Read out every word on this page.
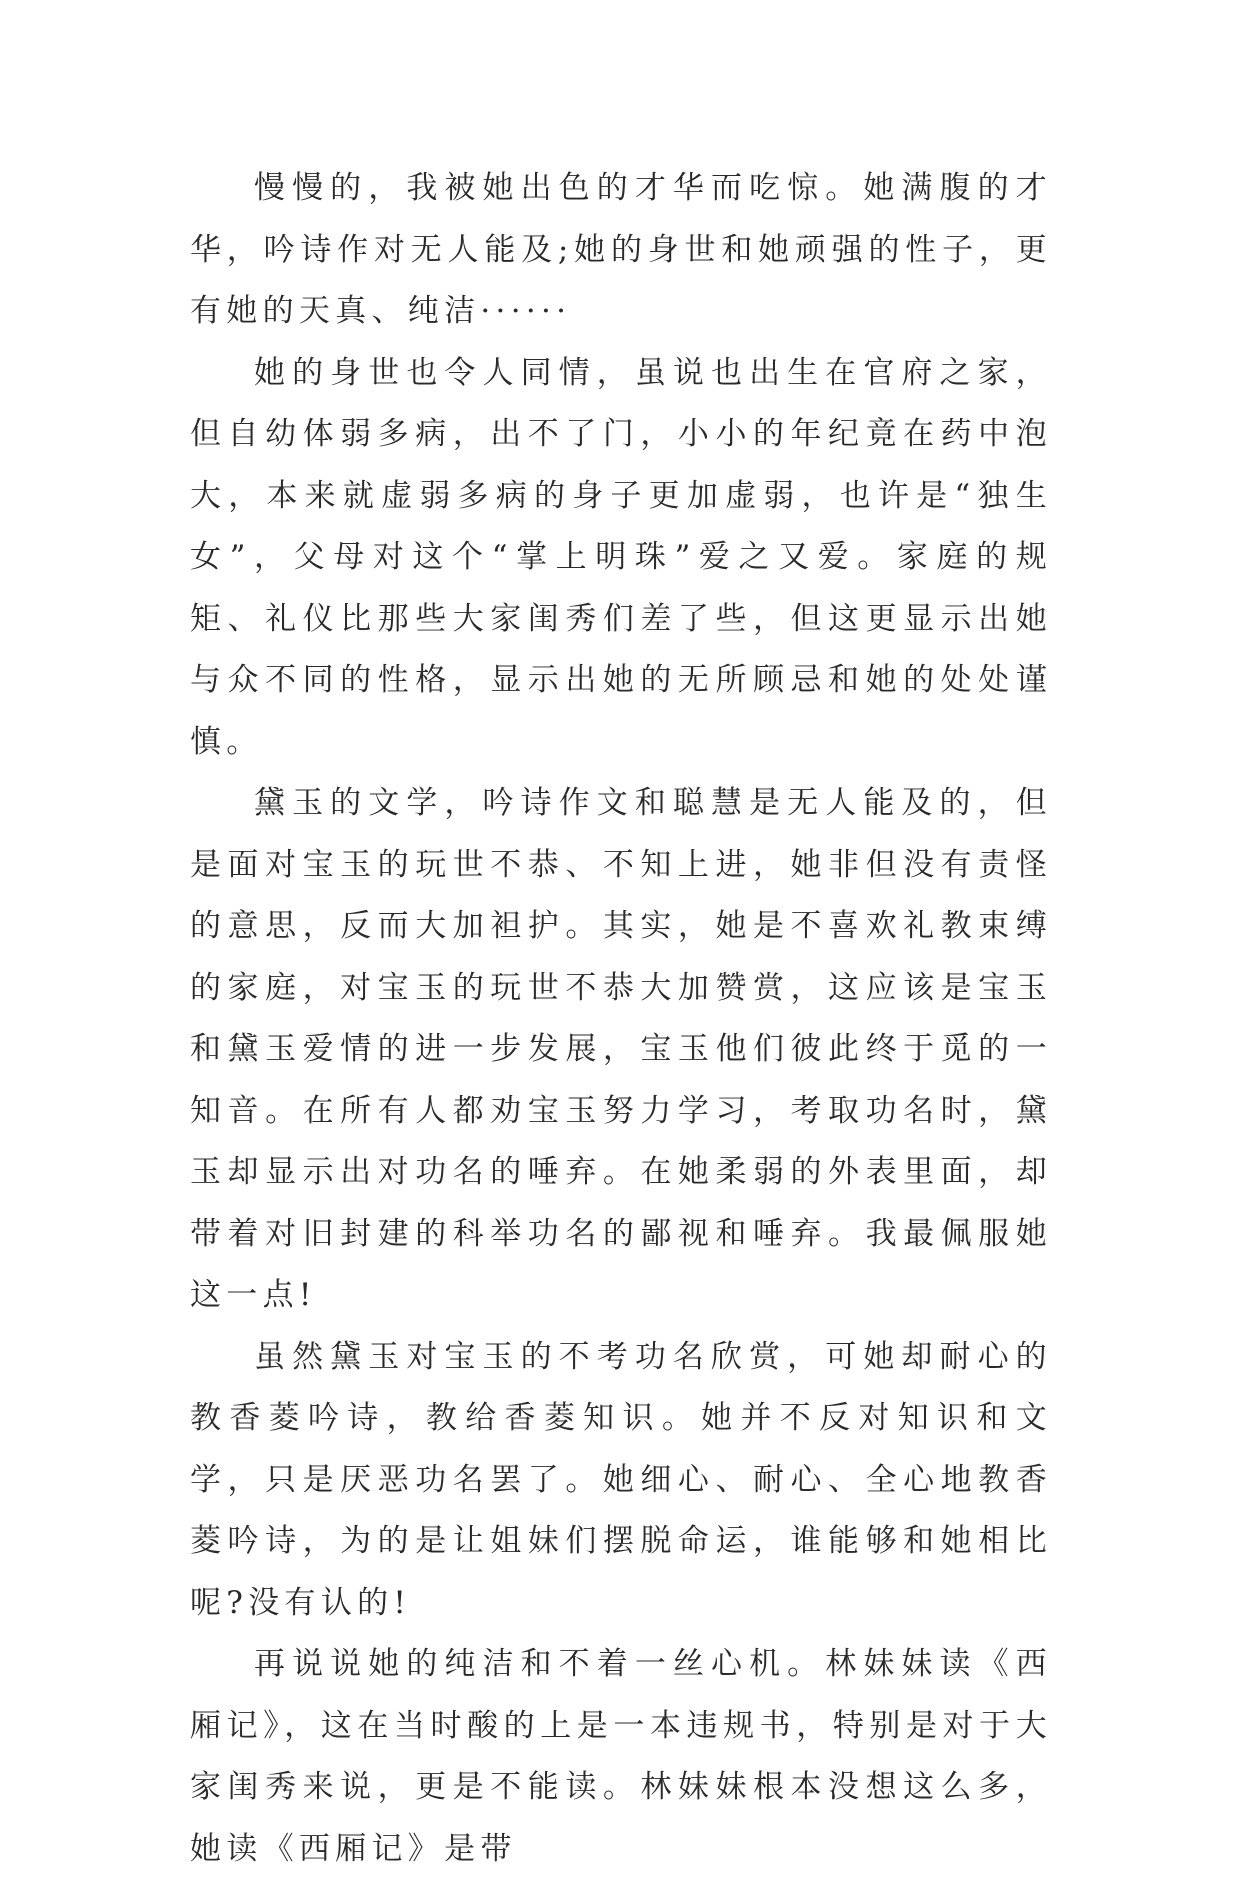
慢慢的，我被她出色的才华而吃惊。她满腹的才华，吟诗作对无人能及;她的身世和她顽强的性子，更有她的天真、纯洁······

她的身世也令人同情，虽说也出生在官府之家，但自幼体弱多病，出不了门，小小的年纪竟在药中泡大，本来就虚弱多病的身子更加虚弱，也许是“独生女”，父母对这个“掌上明珠”爱之又爱。家庭的规矩、礼仪比那些大家闺秀们差了些，但这更显示出她与众不同的性格，显示出她的无所顾忌和她的处处谨慎。

黛玉的文学，吟诗作文和聪慧是无人能及的，但是面对宝玉的玩世不恭、不知上进，她非但没有责怪的意思，反而大加袒护。其实，她是不喜欢礼教束缚的家庭，对宝玉的玩世不恭大加赞赏，这应该是宝玉和黛玉爱情的进一步发展，宝玉他们彼此终于觅的一知音。在所有人都劝宝玉努力学习，考取功名时，黛玉却显示出对功名的唾弃。在她柔弱的外表里面，却带着对旧封建的科举功名的鄙视和唾弃。我最佩服她这一点!

虽然黛玉对宝玉的不考功名欣赏，可她却耐心的教香菱吟诗，教给香菱知识。她并不反对知识和文学，只是厌恶功名罢了。她细心、耐心、全心地教香菱吟诗，为的是让姐妹们摆脱命运，谁能够和她相比呢?没有认的!

再说说她的纯洁和不着一丝心机。林妹妹读《西厢记》，这在当时酸的上是一本违规书，特别是对于大家闺秀来说，更是不能读。林妹妹根本没想这么多，她读《西厢记》是带
